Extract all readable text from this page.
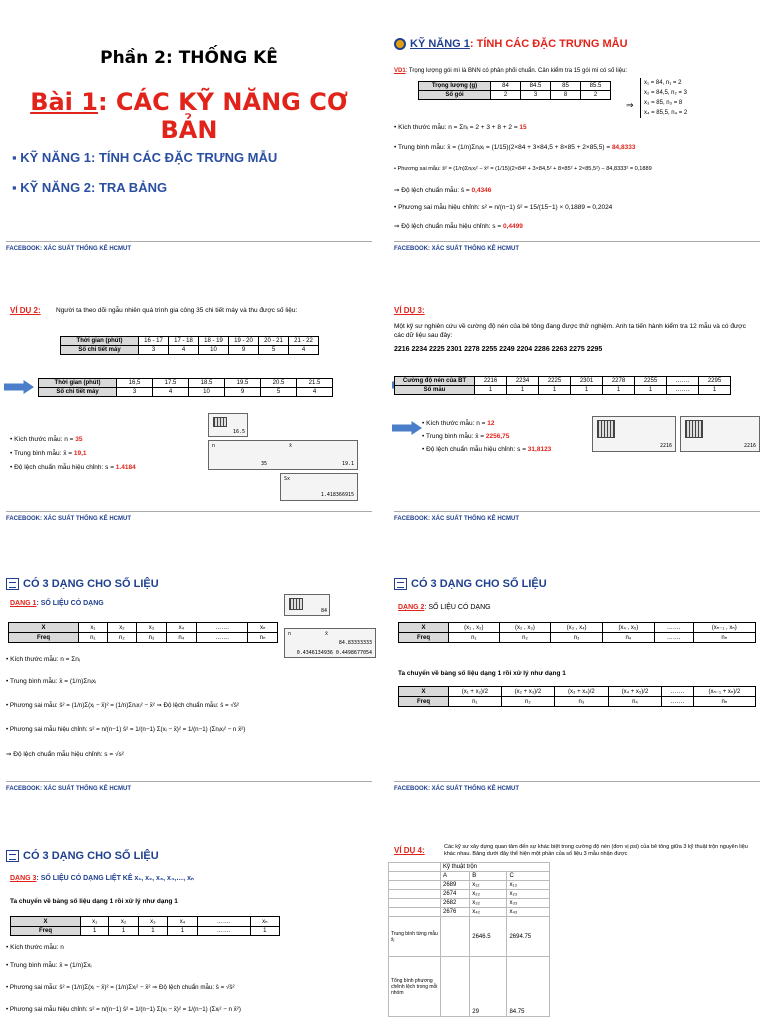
Phần 2: THỐNG KÊ
Bài 1: CÁC KỸ NĂNG CƠ BẢN
▪ KỸ NĂNG 1: TÍNH CÁC ĐẶC TRƯNG MẪU
▪ KỸ NĂNG 2: TRA BẢNG
FACEBOOK: XÁC SUẤT THỐNG KÊ HCMUT
KỸ NĂNG 1: TÍNH CÁC ĐẶC TRƯNG MẪU
VD1: Trọng lượng gói mì là BNN có phân phối chuẩn. Cân kiểm tra 15 gói mì có số liệu:
Trọng lượng (g)	84	84.5	85	85.5
Số gói	2	3	8	2
x₁ = 84, n₁ = 2
x₂ = 84,5, n₂ = 3
x₃ = 85, n₃ = 8
x₄ = 85,5, n₄ = 2
⇒
• Kích thước mẫu: n = Σnᵢ = 2 + 3 + 8 + 2 = 15
• Trung bình mẫu: x̄ = (1/n)Σnᵢxᵢ = (1/15)(2×84 + 3×84,5 + 8×85 + 2×85,5) = 84,8333
• Phương sai mẫu: ŝ² = (1/n)Σnᵢxᵢ² − x̄² = (1/15)(2×84² + 3×84,5² + 8×85² + 2×85,5²) − 84,8333² = 0,1889
⇒ Độ lệch chuẩn mẫu: ŝ = 0,4346
• Phương sai mẫu hiệu chỉnh: s² = n/(n−1) ŝ² = 15/(15−1) × 0,1889 = 0,2024
⇒ Độ lệch chuẩn mẫu hiệu chỉnh: s = 0,4499
FACEBOOK: XÁC SUẤT THỐNG KÊ HCMUT
VÍ DỤ 2: Người ta theo dõi ngẫu nhiên quá trình gia công 35 chi tiết máy và thu được số liệu:
Thời gian (phút)	16 - 17	17 - 18	18 - 19	19 - 20	20 - 21	21 - 22
Số chi tiết máy	3	4	10	9	5	4
Thời gian (phút)	16,5	17.5	18.5	19.5	20.5	21.5
Số chi tiết máy	3	4	10	9	5	4
16.5
n
35
x̄
19.1
Sx
1.418366915
• Kích thước mẫu: n = 35
• Trung bình mẫu: x̄ = 19,1
• Độ lệch chuẩn mẫu hiệu chỉnh: s = 1.4184
FACEBOOK: XÁC SUẤT THỐNG KÊ HCMUT
VÍ DỤ 3:
Một kỹ sư nghiên cứu về cường độ nén của bê tông đang được thử nghiệm. Anh ta tiến hành kiểm tra 12 mẫu và có được các dữ liệu sau đây:
2216 2234 2225 2301 2278 2255 2249 2204 2286 2263 2275 2295
Cường độ nén của BT	2216	2234	2225	2301	2278	2255	…….	2295
Số mẫu	1	1	1	1	1	1	…….	1
• Kích thước mẫu: n = 12
• Trung bình mẫu: x̄ = 2256,75
• Độ lệch chuẩn mẫu hiệu chỉnh: s = 31,8123	2216	2216
FACEBOOK: XÁC SUẤT THỐNG KÊ HCMUT
CÓ 3 DẠNG CHO SỐ LIỆU
DẠNG 1: SỐ LIỆU CÓ DẠNG
84
n	x̄
84.83333333
0.4346134936 0.4498677054
X	x₁	x₂	x₃	x₄	…….	xₙ
Freq	n₁	n₂	n₃	n₄	…….	nₙ
• Kích thước mẫu: n = Σnᵢ
• Trung bình mẫu: x̄ = (1/n)Σnᵢxᵢ
• Phương sai mẫu: ŝ² = (1/n)Σ(xᵢ − x̄)² = (1/n)Σnᵢxᵢ² − x̄² ⇒ Độ lệch chuẩn mẫu: ŝ = √ŝ²
• Phương sai mẫu hiệu chỉnh: s² = n/(n−1) ŝ² = 1/(n−1) Σ(xᵢ − x̄)² = 1/(n−1) (Σnᵢxᵢ² − n x̄²)
⇒ Độ lệch chuẩn mẫu hiệu chỉnh: s = √s²
FACEBOOK: XÁC SUẤT THỐNG KÊ HCMUT
CÓ 3 DẠNG CHO SỐ LIỆU
DẠNG 2: SỐ LIỆU CÓ DẠNG
X	(x₁ , x₂)	(x₂ , x₃)	(x₃ , x₄)	(x₄ , x₅)	…….	(xₙ₋₁ , xₙ)
Freq	n₁	n₂	n₃	n₄	…….	nₙ
Ta chuyển về bảng số liệu dạng 1 rồi xử lý như dạng 1
X	(x₁ + x₂)/2	(x₂ + x₃)/2	(x₃ + x₄)/2	(x₄ + x₅)/2	…….	(xₙ₋₁ + xₙ)/2
Freq	n₁	n₂	n₃	n₄	…….	nₙ
FACEBOOK: XÁC SUẤT THỐNG KÊ HCMUT
CÓ 3 DẠNG CHO SỐ LIỆU
DẠNG 3: SỐ LIỆU CÓ DẠNG LIỆT KÊ x₁, x₂, x₃, x₄,…, xₙ
Ta chuyển về bảng số liệu dạng 1 rồi xử lý như dạng 1
X	x₁	x₂	x₃	x₄	…….	xₙ
Freq	1	1	1	1	…….	1
• Kích thước mẫu: n
• Trung bình mẫu: x̄ = (1/n)Σxᵢ
• Phương sai mẫu: ŝ² = (1/n)Σ(xᵢ − x̄)² = (1/n)Σxᵢ² − x̄² ⇒ Độ lệch chuẩn mẫu: ŝ = √ŝ²
• Phương sai mẫu hiệu chỉnh: s² = n/(n−1) ŝ² = 1/(n−1) Σ(xᵢ − x̄)² = 1/(n−1) (Σxᵢ² − n x̄²)
VÍ DỤ 4:	Các kỹ sư xây dựng quan tâm đến sự khác biệt trong cường độ nén (đơn vị psi) của bê tông giữa 3 kỹ thuật trộn nguyên liệu khác nhau. Bảng dưới đây thể hiện một phần của số liệu 3 mẫu nhận được
	Kỹ thuật trộn		
	A	B	C
	2689	x₁₂	x₁₃
	2674	x₂₂	x₂₃
	2682	x₃₂	x₃₃
	2676	x₄₂	x₄₃
Trung bình từng mẫu x̄ⱼ		2646.5	2694.75
Tổng bình phương chênh lệch trong mỗi nhóm		29	84.75
